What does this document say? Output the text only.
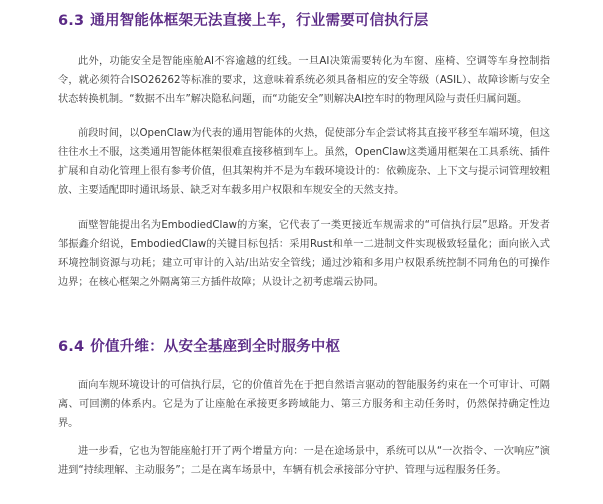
6.3 通用智能体框架无法直接上车，行业需要可信执行层

此外，功能安全是智能座舱AI不容逾越的红线。一旦AI决策需要转化为车窗、座椅、空调等车身控制指令，就必须符合ISO26262等标准的要求，这意味着系统必须具备相应的安全等级（ASIL）、故障诊断与安全状态转换机制。“数据不出车”解决隐私问题，而“功能安全”则解决AI控车时的物理风险与责任归属问题。

前段时间，以OpenClaw为代表的通用智能体的火热，促使部分车企尝试将其直接平移至车端环境，但这往往水土不服，这类通用智能体框架很难直接移植到车上。虽然，OpenClaw这类通用框架在工具系统、插件扩展和自动化管理上很有参考价值，但其架构并不是为车载环境设计的：依赖庞杂、上下文与提示词管理较粗放、主要适配即时通讯场景、缺乏对车载多用户权限和车规安全的天然支持。

面壁智能提出名为EmbodiedClaw的方案，它代表了一类更接近车规需求的“可信执行层”思路。开发者邹振鑫介绍说，EmbodiedClaw的关键目标包括：采用Rust和单一二进制文件实现极致轻量化；面向嵌入式环境控制资源与功耗；建立可审计的入站/出站安全管线；通过沙箱和多用户权限系统控制不同角色的可操作边界；在核心框架之外隔离第三方插件故障；从设计之初考虑端云协同。

6.4 价值升维：从安全基座到全时服务中枢

面向车规环境设计的可信执行层，它的价值首先在于把自然语言驱动的智能服务约束在一个可审计、可隔离、可回溯的体系内。它是为了让座舱在承接更多跨域能力、第三方服务和主动任务时，仍然保持确定性边界。

进一步看，它也为智能座舱打开了两个增量方向：一是在途场景中，系统可以从“一次指令、一次响应”演进到“持续理解、主动服务”；二是在离车场景中，车辆有机会承接部分守护、管理与远程服务任务。
